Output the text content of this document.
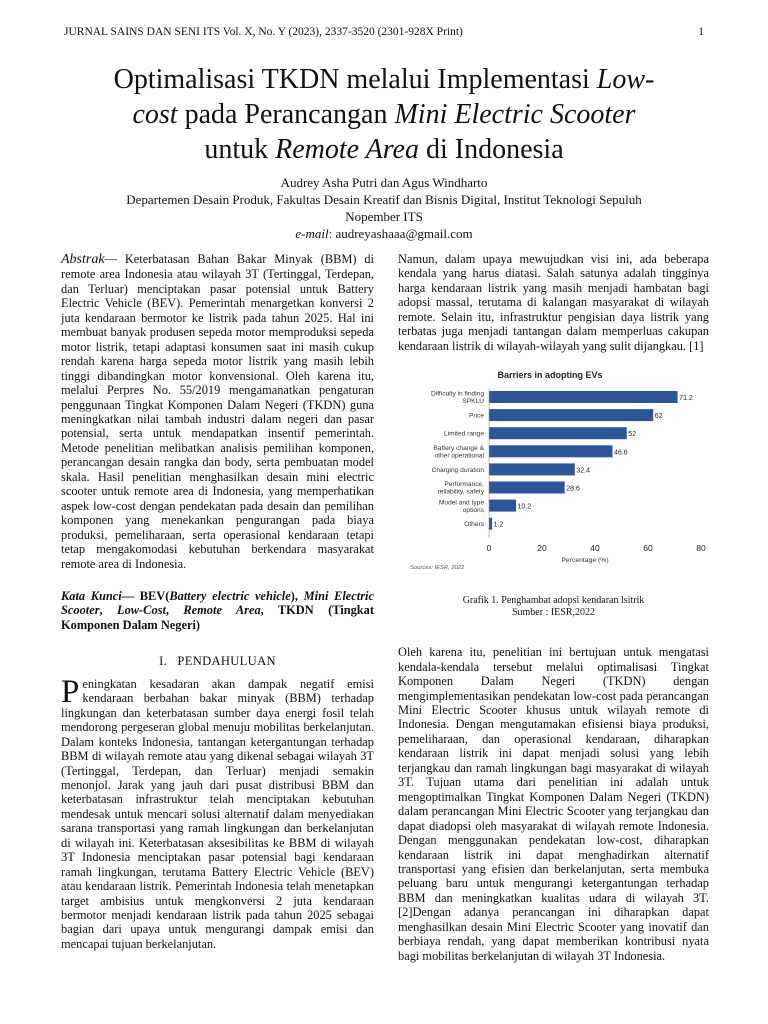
JURNAL SAINS DAN SENI ITS Vol. X, No. Y (2023), 2337-3520 (2301-928X Print)	1
Optimalisasi TKDN melalui Implementasi Low-
cost pada Perancangan Mini Electric Scooter
untuk Remote Area di Indonesia
Audrey Asha Putri dan Agus Windharto
Departemen Desain Produk, Fakultas Desain Kreatif dan Bisnis Digital, Institut Teknologi Sepuluh
Nopember ITS
e-mail: audreyashaaa@gmail.com

Abstrak— Keterbatasan Bahan Bakar Minyak (BBM) di remote area Indonesia atau wilayah 3T (Tertinggal, Terdepan, dan Terluar) menciptakan pasar potensial untuk Battery Electric Vehicle (BEV). Pemerintah menargetkan konversi 2 juta kendaraan bermotor ke listrik pada tahun 2025. Hal ini membuat banyak produsen sepeda motor memproduksi sepeda motor listrik, tetapi adaptasi konsumen saat ini masih cukup rendah karena harga sepeda motor listrik yang masih lebih tinggi dibandingkan motor konvensional. Oleh karena itu, melalui Perpres No. 55/2019 mengamanatkan pengaturan penggunaan Tingkat Komponen Dalam Negeri (TKDN) guna meningkatkan nilai tambah industri dalam negeri dan pasar potensial, serta untuk mendapatkan insentif pemerintah. Metode penelitian melibatkan analisis pemilihan komponen, perancangan desain rangka dan body, serta pembuatan model skala. Hasil penelitian menghasilkan desain mini electric scooter untuk remote area di Indonesia, yang memperhatikan aspek low-cost dengan pendekatan pada desain dan pemilihan komponen yang menekankan pengurangan pada biaya produksi, pemeliharaan, serta operasional kendaraan tetapi tetap mengakomodasi kebutuhan berkendara masyarakat remote area di Indonesia.

Kata Kunci— BEV(Battery electric vehicle), Mini Electric Scooter, Low-Cost, Remote Area, TKDN (Tingkat Komponen Dalam Negeri)

I.   PENDAHULUAN

Peningkatan kesadaran akan dampak negatif emisi kendaraan berbahan bakar minyak (BBM) terhadap lingkungan dan keterbatasan sumber daya energi fosil telah mendorong pergeseran global menuju mobilitas berkelanjutan. Dalam konteks Indonesia, tantangan ketergantungan terhadap BBM di wilayah remote atau yang dikenal sebagai wilayah 3T (Tertinggal, Terdepan, dan Terluar) menjadi semakin menonjol. Jarak yang jauh dari pusat distribusi BBM dan keterbatasan infrastruktur telah menciptakan kebutuhan mendesak untuk mencari solusi alternatif dalam menyediakan sarana transportasi yang ramah lingkungan dan berkelanjutan di wilayah ini. Keterbatasan aksesibilitas ke BBM di wilayah 3T Indonesia menciptakan pasar potensial bagi kendaraan ramah lingkungan, terutama Battery Electric Vehicle (BEV) atau kendaraan listrik. Pemerintah Indonesia telah menetapkan target ambisius untuk mengkonversi 2 juta kendaraan bermotor menjadi kendaraan listrik pada tahun 2025 sebagai bagian dari upaya untuk mengurangi dampak emisi dan mencapai tujuan berkelanjutan.

Namun, dalam upaya mewujudkan visi ini, ada beberapa kendala yang harus diatasi. Salah satunya adalah tingginya harga kendaraan listrik yang masih menjadi hambatan bagi adopsi massal, terutama di kalangan masyarakat di wilayah remote. Selain itu, infrastruktur pengisian daya listrik yang terbatas juga menjadi tantangan dalam memperluas cakupan kendaraan listrik di wilayah-wilayah yang sulit dijangkau. [1]

Barriers in adopting EVs
71.2
Difficulty in finding
SPKLU
62
Price
52
Limited range
46.6
Battery change &
other operational
32.4
Charging duration
28.6
Performance,
reliability, safety
10.2
Model and type
options
1.2
Others
0	20	40	60	80
Percentage (%)
Sources: IESR, 2022
Grafik 1. Penghambat adopsi kendaran lsitrik
Sumber : IESR,2022

Oleh karena itu, penelitian ini bertujuan untuk mengatasi kendala-kendala tersebut melalui optimalisasi Tingkat Komponen Dalam Negeri (TKDN) dengan mengimplementasikan pendekatan low-cost pada perancangan Mini Electric Scooter khusus untuk wilayah remote di Indonesia. Dengan mengutamakan efisiensi biaya produksi, pemeliharaan, dan operasional kendaraan, diharapkan kendaraan listrik ini dapat menjadi solusi yang lebih terjangkau dan ramah lingkungan bagi masyarakat di wilayah 3T. Tujuan utama dari penelitian ini adalah untuk mengoptimalkan Tingkat Komponen Dalam Negeri (TKDN) dalam perancangan Mini Electric Scooter yang terjangkau dan dapat diadopsi oleh masyarakat di wilayah remote Indonesia. Dengan menggunakan pendekatan low-cost, diharapkan kendaraan listrik ini dapat menghadirkan alternatif transportasi yang efisien dan berkelanjutan, serta membuka peluang baru untuk mengurangi ketergantungan terhadap BBM dan meningkatkan kualitas udara di wilayah 3T. [2]Dengan adanya perancangan ini diharapkan dapat menghasilkan desain Mini Electric Scooter yang inovatif dan berbiaya rendah, yang dapat memberikan kontribusi nyata bagi mobilitas berkelanjutan di wilayah 3T Indonesia.
